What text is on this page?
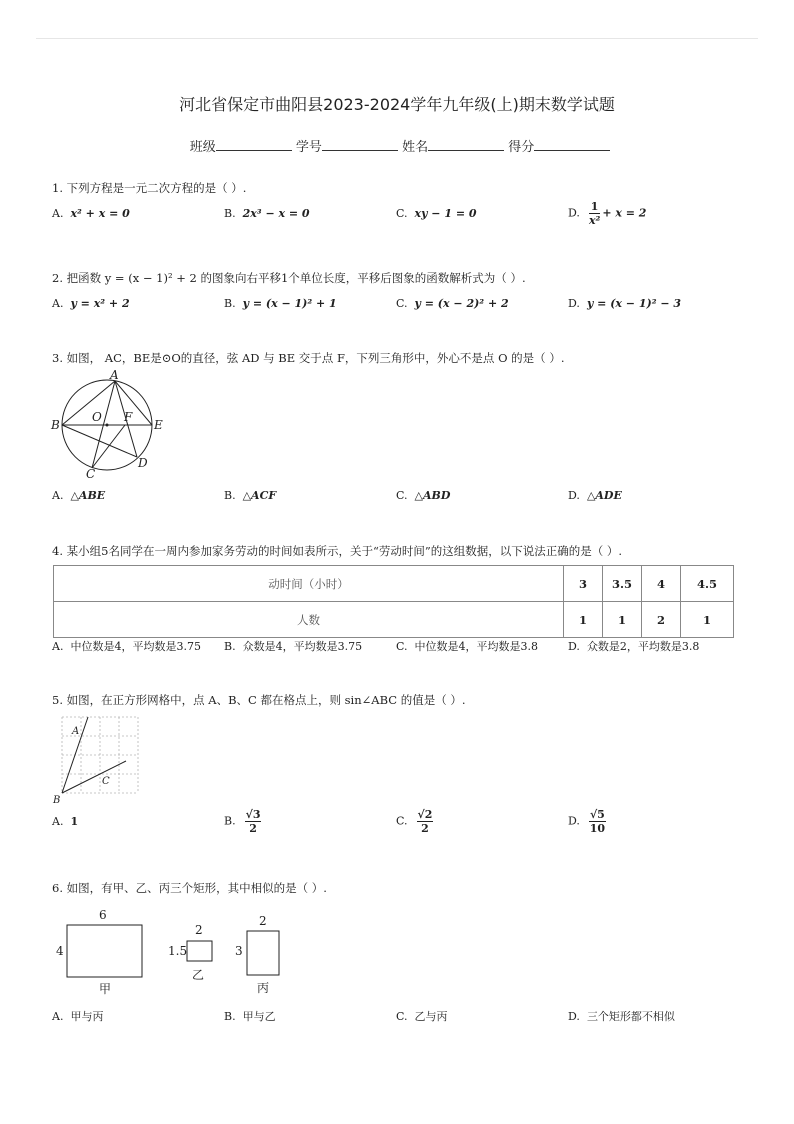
河北省保定市曲阳县2023-2024学年九年级(上)期末数学试题
班级	学号	姓名	得分
1. 下列方程是一元二次方程的是（ ）.
A. x² + x = 0	B. 2x³ − x = 0	C. xy − 1 = 0	D. $\frac{1}{\text{x²}} + x = 2$
2. 把函数 y = (x − 1)² + 2 的图象向右平移1个单位长度，平移后图象的函数解析式为（ ）.
A. y = x² + 2	B. y = (x − 1)² + 1	C. y = (x − 2)² + 2	D. y = (x − 1)² − 3
3. 如图， AC，BE是⊙O的直径，弦 AD 与 BE 交于点 F，下列三角形中，外心不是点 O 的是（ ）.
A
B
O F
E
D
C
A. △ABE	B. △ACF	C. △ABD	D. △ADE
4. 某小组5名同学在一周内参加家务劳动的时间如表所示，关于“劳动时间”的这组数据，以下说法正确的是（ ）.
动时间（小时）	3	3.5	4	4.5
人数	1	1	2	1
A. 中位数是4，平均数是3.75 B. 众数是4，平均数是3.75	C. 中位数是4，平均数是3.8	D. 众数是2，平均数是3.8
5. 如图，在正方形网格中，点 A、B、C 都在格点上，则 sin∠ABC 的值是（ ）.
A
B
C
A. 1	B. $\frac{√3}{2}$	C. $\frac{√2}{2}$	D. $\frac{√5}{10}$
6. 如图，有甲、乙、丙三个矩形，其中相似的是（ ）.
6
4
甲
2
1.5
乙
2
3
丙
A. 甲与丙	B. 甲与乙	C. 乙与丙	D. 三个矩形都不相似
